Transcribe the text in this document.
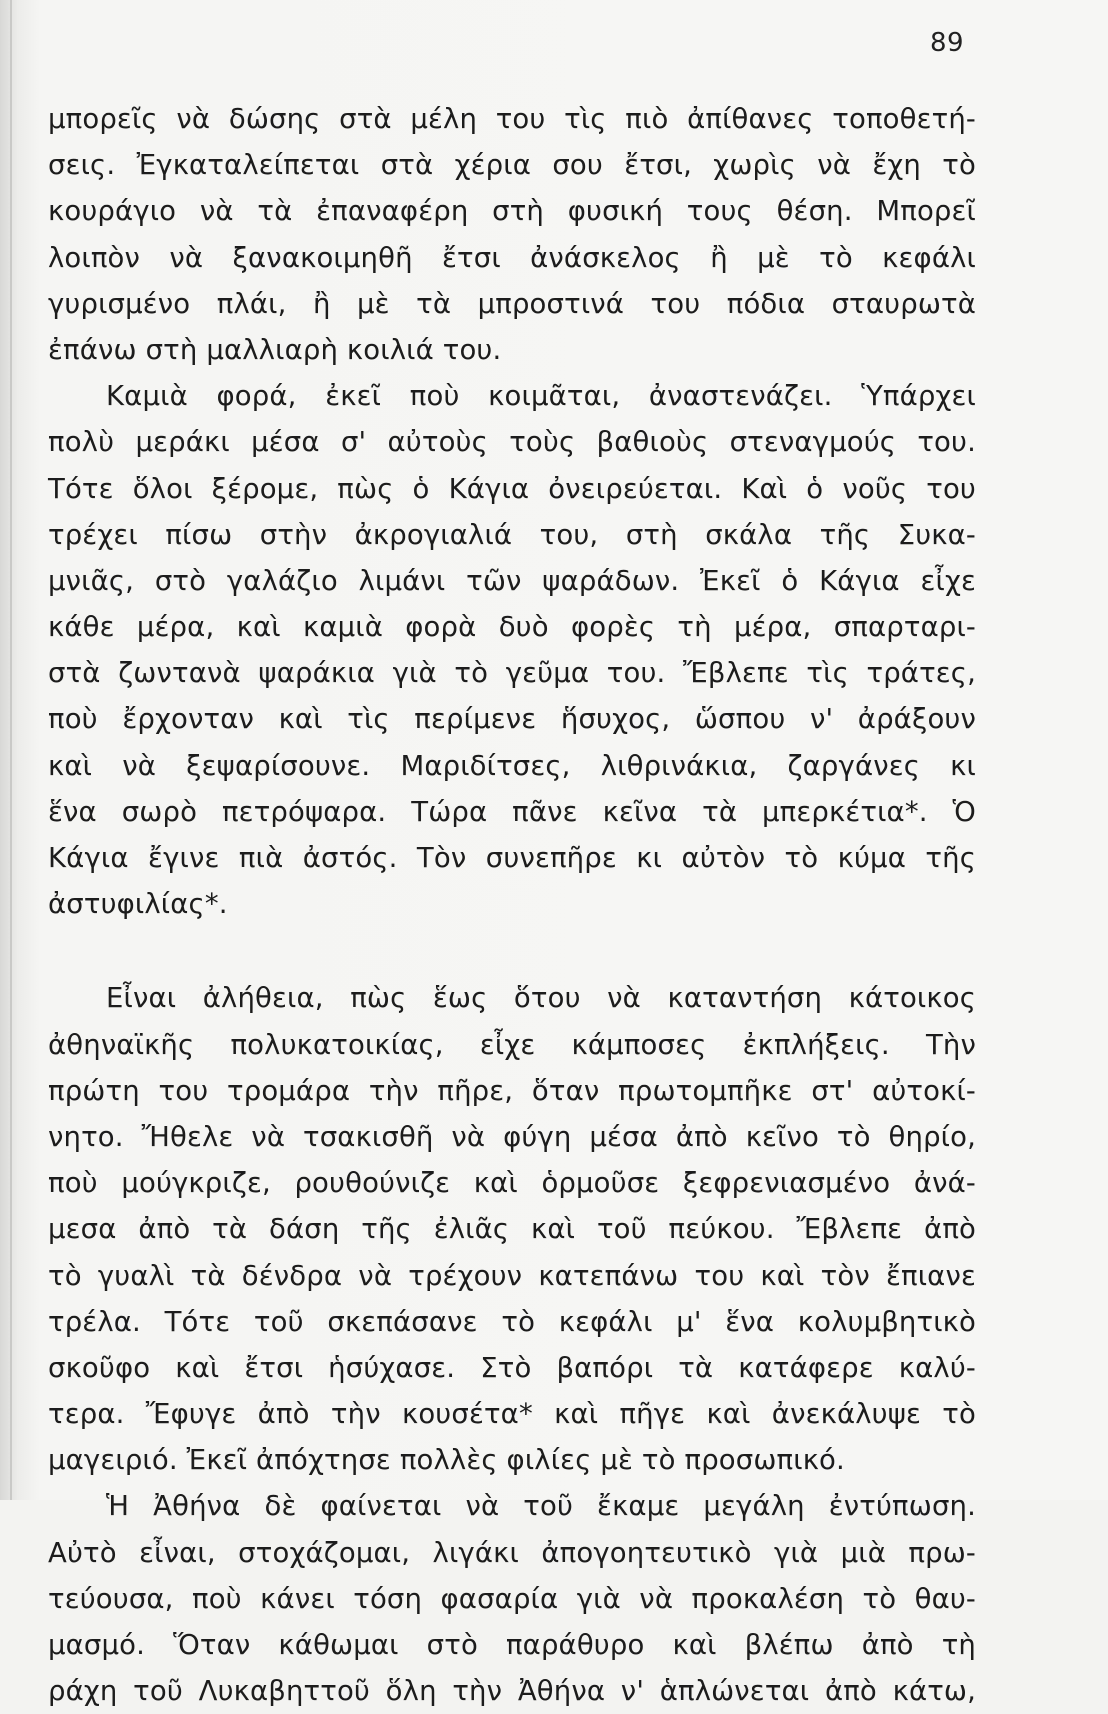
89
μπορεῖς νὰ δώσης στὰ μέλη του τὶς πιὸ ἀπίθανες τοποθετή-
σεις. Ἐγκαταλείπεται στὰ χέρια σου ἔτσι, χωρὶς νὰ ἔχη τὸ
κουράγιο νὰ τὰ ἐπαναφέρη στὴ φυσική τους θέση. Μπορεῖ
λοιπὸν νὰ ξανακοιμηθῆ ἔτσι ἀνάσκελος ἢ μὲ τὸ κεφάλι
γυρισμένο πλάι, ἢ μὲ τὰ μπροστινά του πόδια σταυρωτὰ
ἐπάνω στὴ μαλλιαρὴ κοιλιά του.
Καμιὰ φορά, ἐκεῖ ποὺ κοιμᾶται, ἀναστενάζει. Ὑπάρχει
πολὺ μεράκι μέσα σ' αὐτοὺς τοὺς βαθιοὺς στεναγμούς του.
Τότε ὅλοι ξέρομε, πὼς ὁ Κάγια ὀνειρεύεται. Καὶ ὁ νοῦς του
τρέχει πίσω στὴν ἀκρογιαλιά του, στὴ σκάλα τῆς Συκα-
μνιᾶς, στὸ γαλάζιο λιμάνι τῶν ψαράδων. Ἐκεῖ ὁ Κάγια εἶχε
κάθε μέρα, καὶ καμιὰ φορὰ δυὸ φορὲς τὴ μέρα, σπαρταρι-
στὰ ζωντανὰ ψαράκια γιὰ τὸ γεῦμα του. Ἔβλεπε τὶς τράτες,
ποὺ ἔρχονταν καὶ τὶς περίμενε ἥσυχος, ὥσπου ν' ἀράξουν
καὶ νὰ ξεψαρίσουνε. Μαριδίτσες, λιθρινάκια, ζαργάνες κι
ἕνα σωρὸ πετρόψαρα. Τώρα πᾶνε κεῖνα τὰ μπερκέτια*. Ὁ
Κάγια ἔγινε πιὰ ἀστός. Τὸν συνεπῆρε κι αὐτὸν τὸ κύμα τῆς
ἀστυφιλίας*.
Εἶναι ἀλήθεια, πὼς ἕως ὅτου νὰ καταντήση κάτοικος
ἀθηναϊκῆς πολυκατοικίας, εἶχε κάμποσες ἐκπλήξεις. Τὴν
πρώτη του τρομάρα τὴν πῆρε, ὅταν πρωτομπῆκε στ' αὐτοκί-
νητο. Ἤθελε νὰ τσακισθῆ νὰ φύγη μέσα ἀπὸ κεῖνο τὸ θηρίο,
ποὺ μούγκριζε, ρουθούνιζε καὶ ὁρμοῦσε ξεφρενιασμένο ἀνά-
μεσα ἀπὸ τὰ δάση τῆς ἐλιᾶς καὶ τοῦ πεύκου. Ἔβλεπε ἀπὸ
τὸ γυαλὶ τὰ δένδρα νὰ τρέχουν κατεπάνω του καὶ τὸν ἔπιανε
τρέλα. Τότε τοῦ σκεπάσανε τὸ κεφάλι μ' ἕνα κολυμβητικὸ
σκοῦφο καὶ ἔτσι ἡσύχασε. Στὸ βαπόρι τὰ κατάφερε καλύ-
τερα. Ἔφυγε ἀπὸ τὴν κουσέτα* καὶ πῆγε καὶ ἀνεκάλυψε τὸ
μαγειριό. Ἐκεῖ ἀπόχτησε πολλὲς φιλίες μὲ τὸ προσωπικό.
Ἡ Ἀθήνα δὲ φαίνεται νὰ τοῦ ἔκαμε μεγάλη ἐντύπωση.
Αὐτὸ εἶναι, στοχάζομαι, λιγάκι ἀπογοητευτικὸ γιὰ μιὰ πρω-
τεύουσα, ποὺ κάνει τόση φασαρία γιὰ νὰ προκαλέση τὸ θαυ-
μασμό. Ὅταν κάθωμαι στὸ παράθυρο καὶ βλέπω ἀπὸ τὴ
ράχη τοῦ Λυκαβηττοῦ ὅλη τὴν Ἀθήνα ν' ἁπλώνεται ἀπὸ κάτω,
